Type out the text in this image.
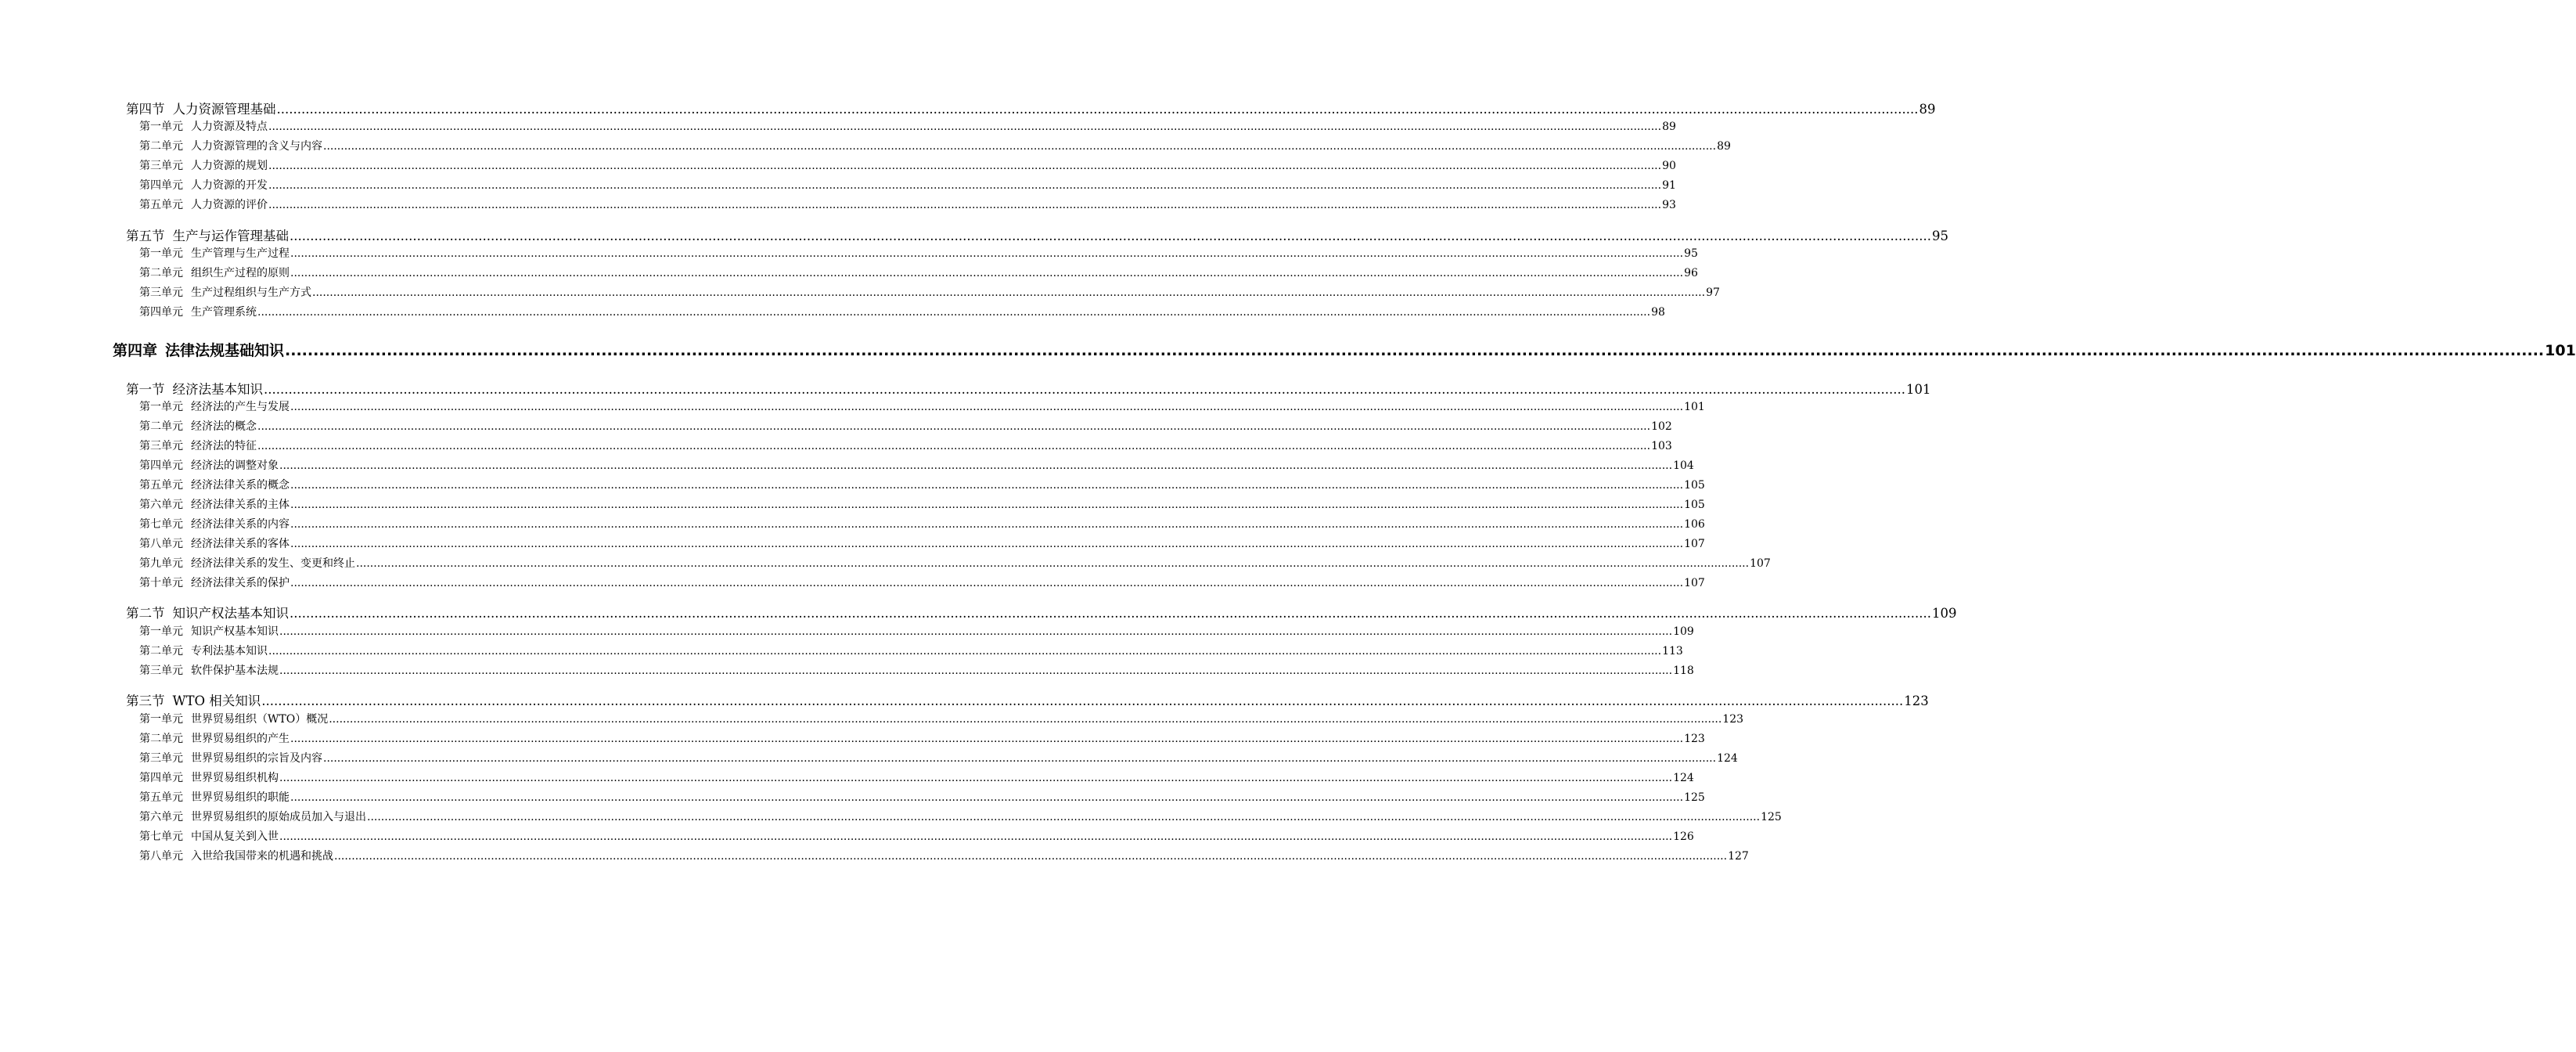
第四节 人力资源管理基础 ................................................................................................................................................................................................................................................................................................................................................................................................................ 89
第一单元 人力资源及特点 ................................................................................................................................................................................................................................................................................................................................................................................................................ 89
第二单元 人力资源管理的含义与内容 ................................................................................................................................................................................................................................................................................................................................................................................................................ 89
第三单元 人力资源的规划 ................................................................................................................................................................................................................................................................................................................................................................................................................ 90
第四单元 人力资源的开发 ................................................................................................................................................................................................................................................................................................................................................................................................................ 91
第五单元 人力资源的评价 ................................................................................................................................................................................................................................................................................................................................................................................................................ 93
第五节 生产与运作管理基础 ................................................................................................................................................................................................................................................................................................................................................................................................................ 95
第一单元 生产管理与生产过程 ................................................................................................................................................................................................................................................................................................................................................................................................................ 95
第二单元 组织生产过程的原则 ................................................................................................................................................................................................................................................................................................................................................................................................................ 96
第三单元 生产过程组织与生产方式 ................................................................................................................................................................................................................................................................................................................................................................................................................ 97
第四单元 生产管理系统 ................................................................................................................................................................................................................................................................................................................................................................................................................ 98
第四章 法律法规基础知识 ................................................................................................................................................................................................................................................................................................................................................................................................................ 101
第一节 经济法基本知识 ................................................................................................................................................................................................................................................................................................................................................................................................................ 101
第一单元 经济法的产生与发展 ................................................................................................................................................................................................................................................................................................................................................................................................................ 101
第二单元 经济法的概念 ................................................................................................................................................................................................................................................................................................................................................................................................................ 102
第三单元 经济法的特征 ................................................................................................................................................................................................................................................................................................................................................................................................................ 103
第四单元 经济法的调整对象 ................................................................................................................................................................................................................................................................................................................................................................................................................ 104
第五单元 经济法律关系的概念 ................................................................................................................................................................................................................................................................................................................................................................................................................ 105
第六单元 经济法律关系的主体 ................................................................................................................................................................................................................................................................................................................................................................................................................ 105
第七单元 经济法律关系的内容 ................................................................................................................................................................................................................................................................................................................................................................................................................ 106
第八单元 经济法律关系的客体 ................................................................................................................................................................................................................................................................................................................................................................................................................ 107
第九单元 经济法律关系的发生、变更和终止 ................................................................................................................................................................................................................................................................................................................................................................................................................ 107
第十单元 经济法律关系的保护 ................................................................................................................................................................................................................................................................................................................................................................................................................ 107
第二节 知识产权法基本知识 ................................................................................................................................................................................................................................................................................................................................................................................................................ 109
第一单元 知识产权基本知识 ................................................................................................................................................................................................................................................................................................................................................................................................................ 109
第二单元 专利法基本知识 ................................................................................................................................................................................................................................................................................................................................................................................................................ 113
第三单元 软件保护基本法规 ................................................................................................................................................................................................................................................................................................................................................................................................................ 118
第三节 WTO 相关知识 ................................................................................................................................................................................................................................................................................................................................................................................................................ 123
第一单元 世界贸易组织（WTO）概况 ................................................................................................................................................................................................................................................................................................................................................................................................................ 123
第二单元 世界贸易组织的产生 ................................................................................................................................................................................................................................................................................................................................................................................................................ 123
第三单元 世界贸易组织的宗旨及内容 ................................................................................................................................................................................................................................................................................................................................................................................................................ 124
第四单元 世界贸易组织机构 ................................................................................................................................................................................................................................................................................................................................................................................................................ 124
第五单元 世界贸易组织的职能 ................................................................................................................................................................................................................................................................................................................................................................................................................ 125
第六单元 世界贸易组织的原始成员加入与退出 ................................................................................................................................................................................................................................................................................................................................................................................................................ 125
第七单元 中国从复关到入世 ................................................................................................................................................................................................................................................................................................................................................................................................................ 126
第八单元 入世给我国带来的机遇和挑战 ................................................................................................................................................................................................................................................................................................................................................................................................................ 127
